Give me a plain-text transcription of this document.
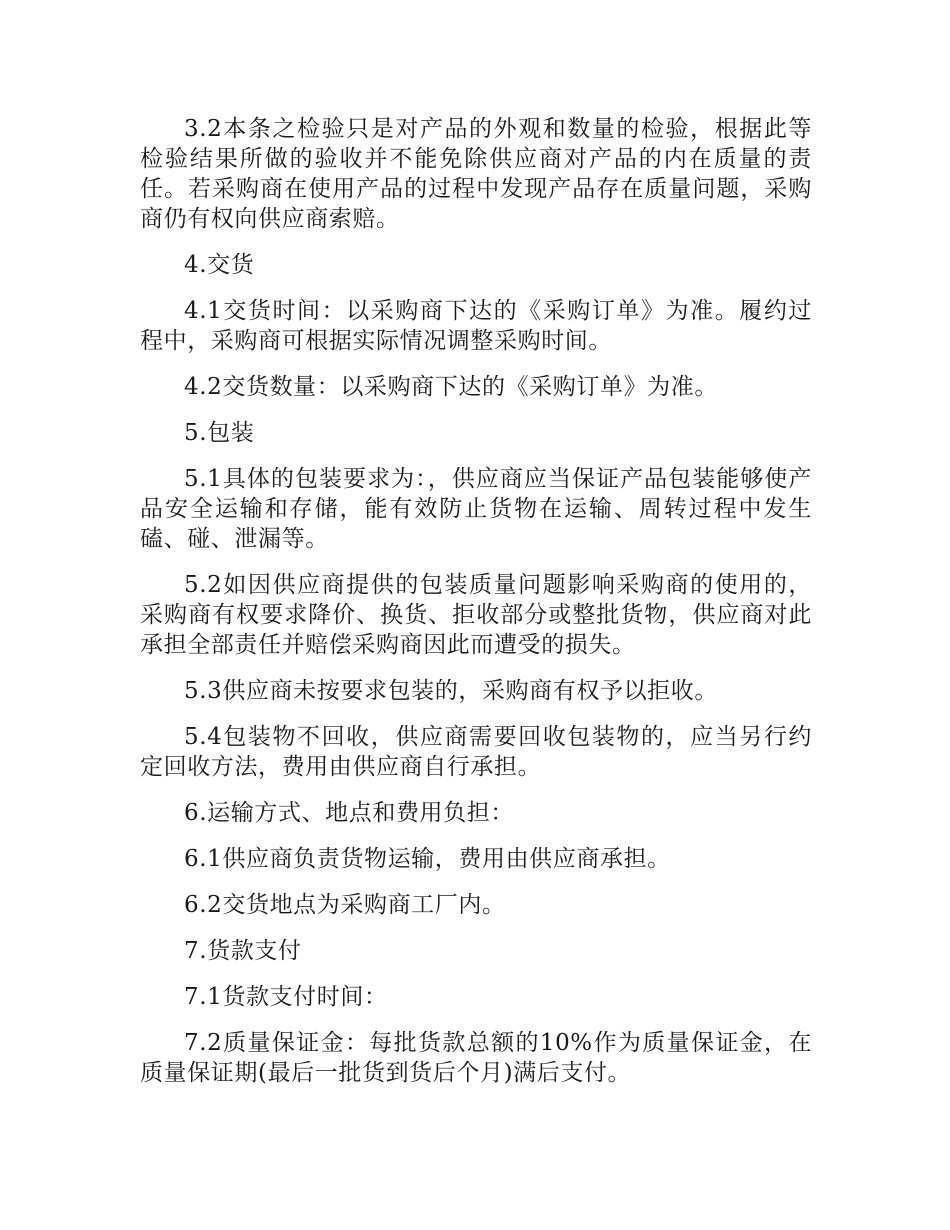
3.2本条之检验只是对产品的外观和数量的检验，根据此等检验结果所做的验收并不能免除供应商对产品的内在质量的责任。若采购商在使用产品的过程中发现产品存在质量问题，采购商仍有权向供应商索赔。

4.交货

4.1交货时间：以采购商下达的《采购订单》为准。履约过程中，采购商可根据实际情况调整采购时间。

4.2交货数量：以采购商下达的《采购订单》为准。

5.包装

5.1具体的包装要求为：，供应商应当保证产品包装能够使产品安全运输和存储，能有效防止货物在运输、周转过程中发生磕、碰、泄漏等。

5.2如因供应商提供的包装质量问题影响采购商的使用的，采购商有权要求降价、换货、拒收部分或整批货物，供应商对此承担全部责任并赔偿采购商因此而遭受的损失。

5.3供应商未按要求包装的，采购商有权予以拒收。

5.4包装物不回收，供应商需要回收包装物的，应当另行约定回收方法，费用由供应商自行承担。

6.运输方式、地点和费用负担：

6.1供应商负责货物运输，费用由供应商承担。

6.2交货地点为采购商工厂内。

7.货款支付

7.1货款支付时间：

7.2质量保证金：每批货款总额的10%作为质量保证金，在质量保证期(最后一批货到货后个月)满后支付。
